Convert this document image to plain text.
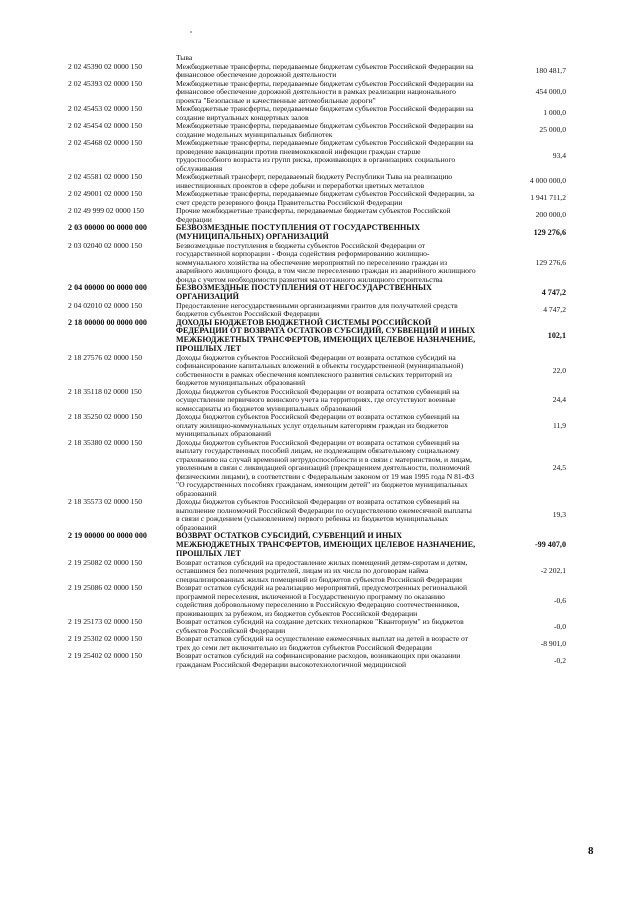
	Тыва	
2 02 45390 02 0000 150	Межбюджетные трансферты, передаваемые бюджетам субъектов Российской Федерации на финансовое обеспечение дорожной деятельности	180 481,7
2 02 45393 02 0000 150	Межбюджетные трансферты, передаваемые бюджетам субъектов Российской Федерации на финансовое обеспечение дорожной деятельности в рамках реализации национального проекта "Безопасные и качественные автомобильные дороги"	454 000,0
2 02 45453 02 0000 150	Межбюджетные трансферты, передаваемые бюджетам субъектов Российской Федерации на создание виртуальных концертных залов	1 000,0
2 02 45454 02 0000 150	Межбюджетные трансферты, передаваемые бюджетам субъектов Российской Федерации на создание модельных муниципальных библиотек	25 000,0
2 02 45468 02 0000 150	Межбюджетные трансферты, передаваемые бюджетам субъектов Российской Федерации на проведение вакцинации против пневмококковой инфекции граждан старше трудоспособного возраста из групп риска, проживающих в организациях социального обслуживания	93,4
2 02 45581 02 0000 150	Межбюджетный трансферт, передаваемый бюджету Республики Тыва на реализацию инвестиционных проектов в сфере добычи и переработки цветных металлов	4 000 000,0
2 02 49001 02 0000 150	Межбюджетные трансферты, передаваемые бюджетам субъектов Российской Федерации, за счет средств резервного фонда Правительства Российской Федерации	1 941 711,2
2 02 49 999 02 0000 150	Прочие межбюджетные трансферты, передаваемые бюджетам субъектов Российской Федерации	200 000,0
2 03 00000 00 0000 000	БЕЗВОЗМЕЗДНЫЕ ПОСТУПЛЕНИЯ ОТ ГОСУДАРСТВЕННЫХ (МУНИЦИПАЛЬНЫХ) ОРГАНИЗАЦИЙ	129 276,6
2 03 02040 02 0000 150	Безвозмездные поступления в бюджеты субъектов Российской Федерации от государственной корпорации - Фонда содействия реформированию жилищно-коммунального хозяйства на обеспечение мероприятий по переселению граждан из аварийного жилищного фонда, в том числе переселению граждан из аварийного жилищного фонда с учетом необходимости развития малоэтажного жилищного строительства	129 276,6
2 04 00000 00 0000 000	БЕЗВОЗМЕЗДНЫЕ ПОСТУПЛЕНИЯ ОТ НЕГОСУДАРСТВЕННЫХ ОРГАНИЗАЦИЙ	4 747,2
2 04 02010 02 0000 150	Предоставление негосударственными организациями грантов для получателей средств бюджетов субъектов Российской Федерации	4 747,2
2 18 00000 00 0000 000	ДОХОДЫ БЮДЖЕТОВ БЮДЖЕТНОЙ СИСТЕМЫ РОССИЙСКОЙ ФЕДЕРАЦИИ ОТ ВОЗВРАТА ОСТАТКОВ СУБСИДИЙ, СУБВЕНЦИЙ И ИНЫХ МЕЖБЮДЖЕТНЫХ ТРАНСФЕРТОВ, ИМЕЮЩИХ ЦЕЛЕВОЕ НАЗНАЧЕНИЕ, ПРОШЛЫХ ЛЕТ	102,1
2 18 27576 02 0000 150	Доходы бюджетов субъектов Российской Федерации от возврата остатков субсидий на софинансирование капитальных вложений в объекты государственной (муниципальной) собственности в рамках обеспечения комплексного развития сельских территорий из бюджетов муниципальных образований	22,0
2 18 35118 02 0000 150	Доходы бюджетов субъектов Российской Федерации от возврата остатков субвенций на осуществление первичного воинского учета на территориях, где отсутствуют военные комиссариаты из бюджетов муниципальных образований	24,4
2 18 35250 02 0000 150	Доходы бюджетов субъектов Российской Федерации от возврата остатков субвенций на оплату жилищно-коммунальных услуг отдельным категориям граждан из бюджетов муниципальных образований	11,9
2 18 35380 02 0000 150	Доходы бюджетов субъектов Российской Федерации от возврата остатков субвенций на выплату государственных пособий лицам, не подлежащим обязательному социальному страхованию на случай временной нетрудоспособности и в связи с материнством, и лицам, уволенным в связи с ликвидацией организаций (прекращением деятельности, полномочий физическими лицами), в соответствии с Федеральным законом от 19 мая 1995 года N 81-ФЗ "О государственных пособиях гражданам, имеющим детей" из бюджетов муниципальных образований	24,5
2 18 35573 02 0000 150	Доходы бюджетов субъектов Российской Федерации от возврата остатков субвенций на выполнение полномочий Российской Федерации по осуществлению ежемесячной выплаты в связи с рождением (усыновлением) первого ребенка из бюджетов муниципальных образований	19,3
2 19 00000 00 0000 000	ВОЗВРАТ ОСТАТКОВ СУБСИДИЙ, СУБВЕНЦИЙ И ИНЫХ МЕЖБЮДЖЕТНЫХ ТРАНСФЕРТОВ, ИМЕЮЩИХ ЦЕЛЕВОЕ НАЗНАЧЕНИЕ, ПРОШЛЫХ ЛЕТ	-99 407,0
2 19 25082 02 0000 150	Возврат остатков субсидий на предоставление жилых помещений детям-сиротам и детям, оставшимся без попечения родителей, лицам из их числа по договорам найма специализированных жилых помещений из бюджетов субъектов Российской Федерации	-2 202,1
2 19 25086 02 0000 150	Возврат остатков субсидий на реализацию мероприятий, предусмотренных региональной программой переселения, включенной в Государственную программу по оказанию содействия добровольному переселению в Российскую Федерацию соотечественников, проживающих за рубежом, из бюджетов субъектов Российской Федерации	-0,6
2 19 25173 02 0000 150	Возврат остатков субсидий на создание детских технопарков "Кванториум" из бюджетов субъектов Российской Федерации	-0,0
2 19 25302 02 0000 150	Возврат остатков субсидий на осуществление ежемесячных выплат на детей в возрасте от трех до семи лет включительно из бюджетов субъектов Российской Федерации	-8 901,0
2 19 25402 02 0000 150	Возврат остатков субсидий на софинансирование расходов, возникающих при оказании гражданам Российской Федерации высокотехнологичной медицинской	-0,2
8
